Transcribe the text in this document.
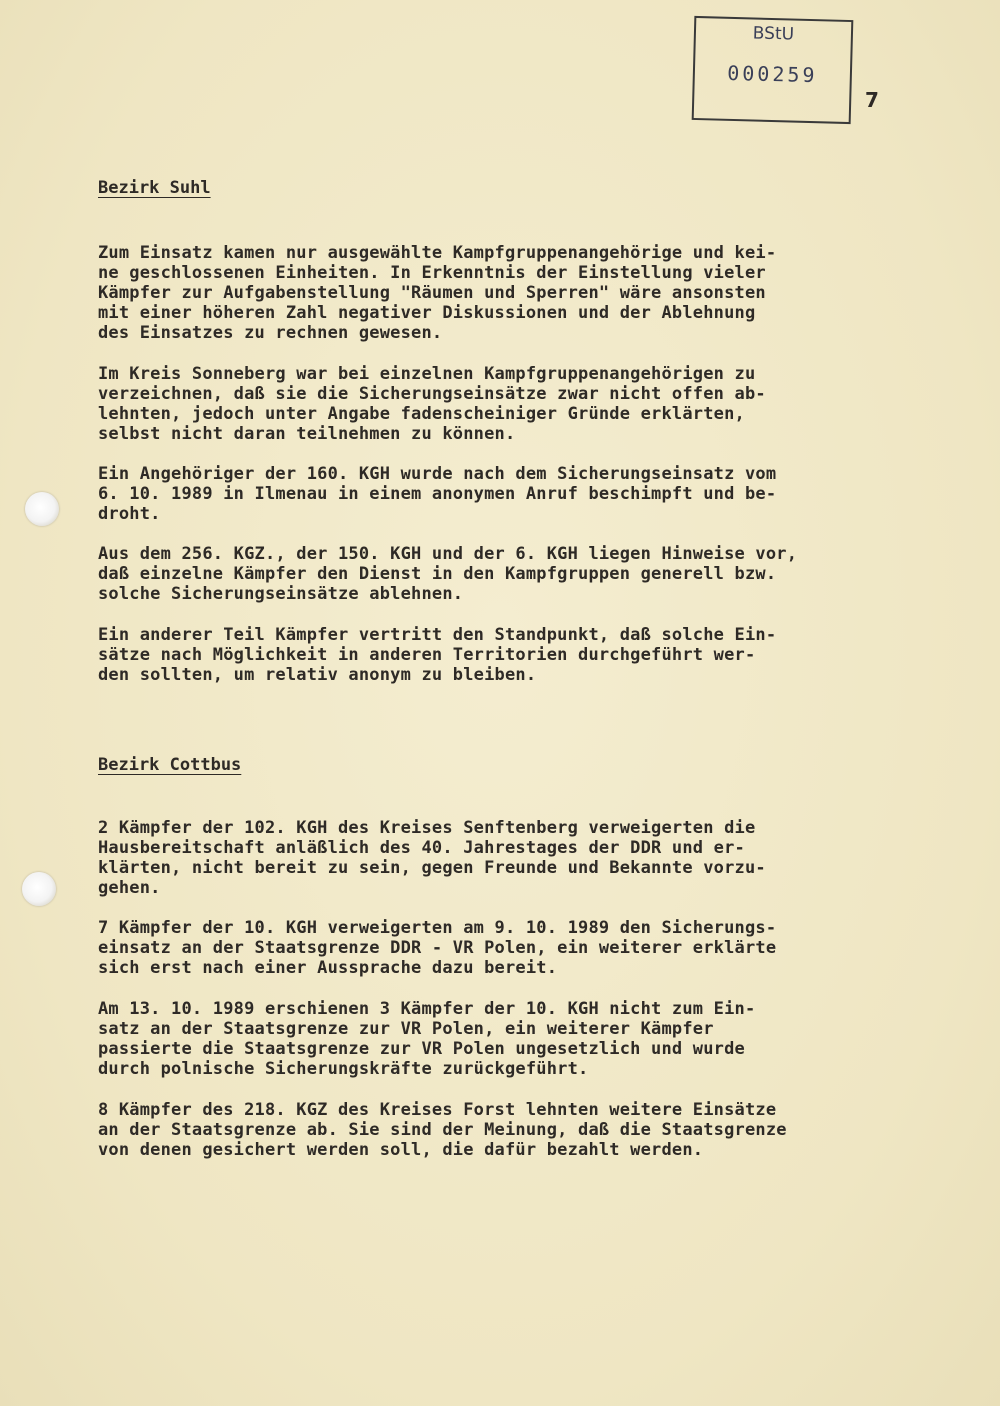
BStU
000259
7
Bezirk Suhl

Zum Einsatz kamen nur ausgewählte Kampfgruppenangehörige und kei-
ne geschlossenen Einheiten. In Erkenntnis der Einstellung vieler
Kämpfer zur Aufgabenstellung "Räumen und Sperren" wäre ansonsten
mit einer höheren Zahl negativer Diskussionen und der Ablehnung
des Einsatzes zu rechnen gewesen.

Im Kreis Sonneberg war bei einzelnen Kampfgruppenangehörigen zu
verzeichnen, daß sie die Sicherungseinsätze zwar nicht offen ab-
lehnten, jedoch unter Angabe fadenscheiniger Gründe erklärten,
selbst nicht daran teilnehmen zu können.

Ein Angehöriger der 160. KGH wurde nach dem Sicherungseinsatz vom
6. 10. 1989 in Ilmenau in einem anonymen Anruf beschimpft und be-
droht.

Aus dem 256. KGZ., der 150. KGH und der 6. KGH liegen Hinweise vor,
daß einzelne Kämpfer den Dienst in den Kampfgruppen generell bzw.
solche Sicherungseinsätze ablehnen.

Ein anderer Teil Kämpfer vertritt den Standpunkt, daß solche Ein-
sätze nach Möglichkeit in anderen Territorien durchgeführt wer-
den sollten, um relativ anonym zu bleiben.

Bezirk Cottbus

2 Kämpfer der 102. KGH des Kreises Senftenberg verweigerten die
Hausbereitschaft anläßlich des 40. Jahrestages der DDR und er-
klärten, nicht bereit zu sein, gegen Freunde und Bekannte vorzu-
gehen.

7 Kämpfer der 10. KGH verweigerten am 9. 10. 1989 den Sicherungs-
einsatz an der Staatsgrenze DDR - VR Polen, ein weiterer erklärte
sich erst nach einer Aussprache dazu bereit.

Am 13. 10. 1989 erschienen 3 Kämpfer der 10. KGH nicht zum Ein-
satz an der Staatsgrenze zur VR Polen, ein weiterer Kämpfer
passierte die Staatsgrenze zur VR Polen ungesetzlich und wurde
durch polnische Sicherungskräfte zurückgeführt.

8 Kämpfer des 218. KGZ des Kreises Forst lehnten weitere Einsätze
an der Staatsgrenze ab. Sie sind der Meinung, daß die Staatsgrenze
von denen gesichert werden soll, die dafür bezahlt werden.
